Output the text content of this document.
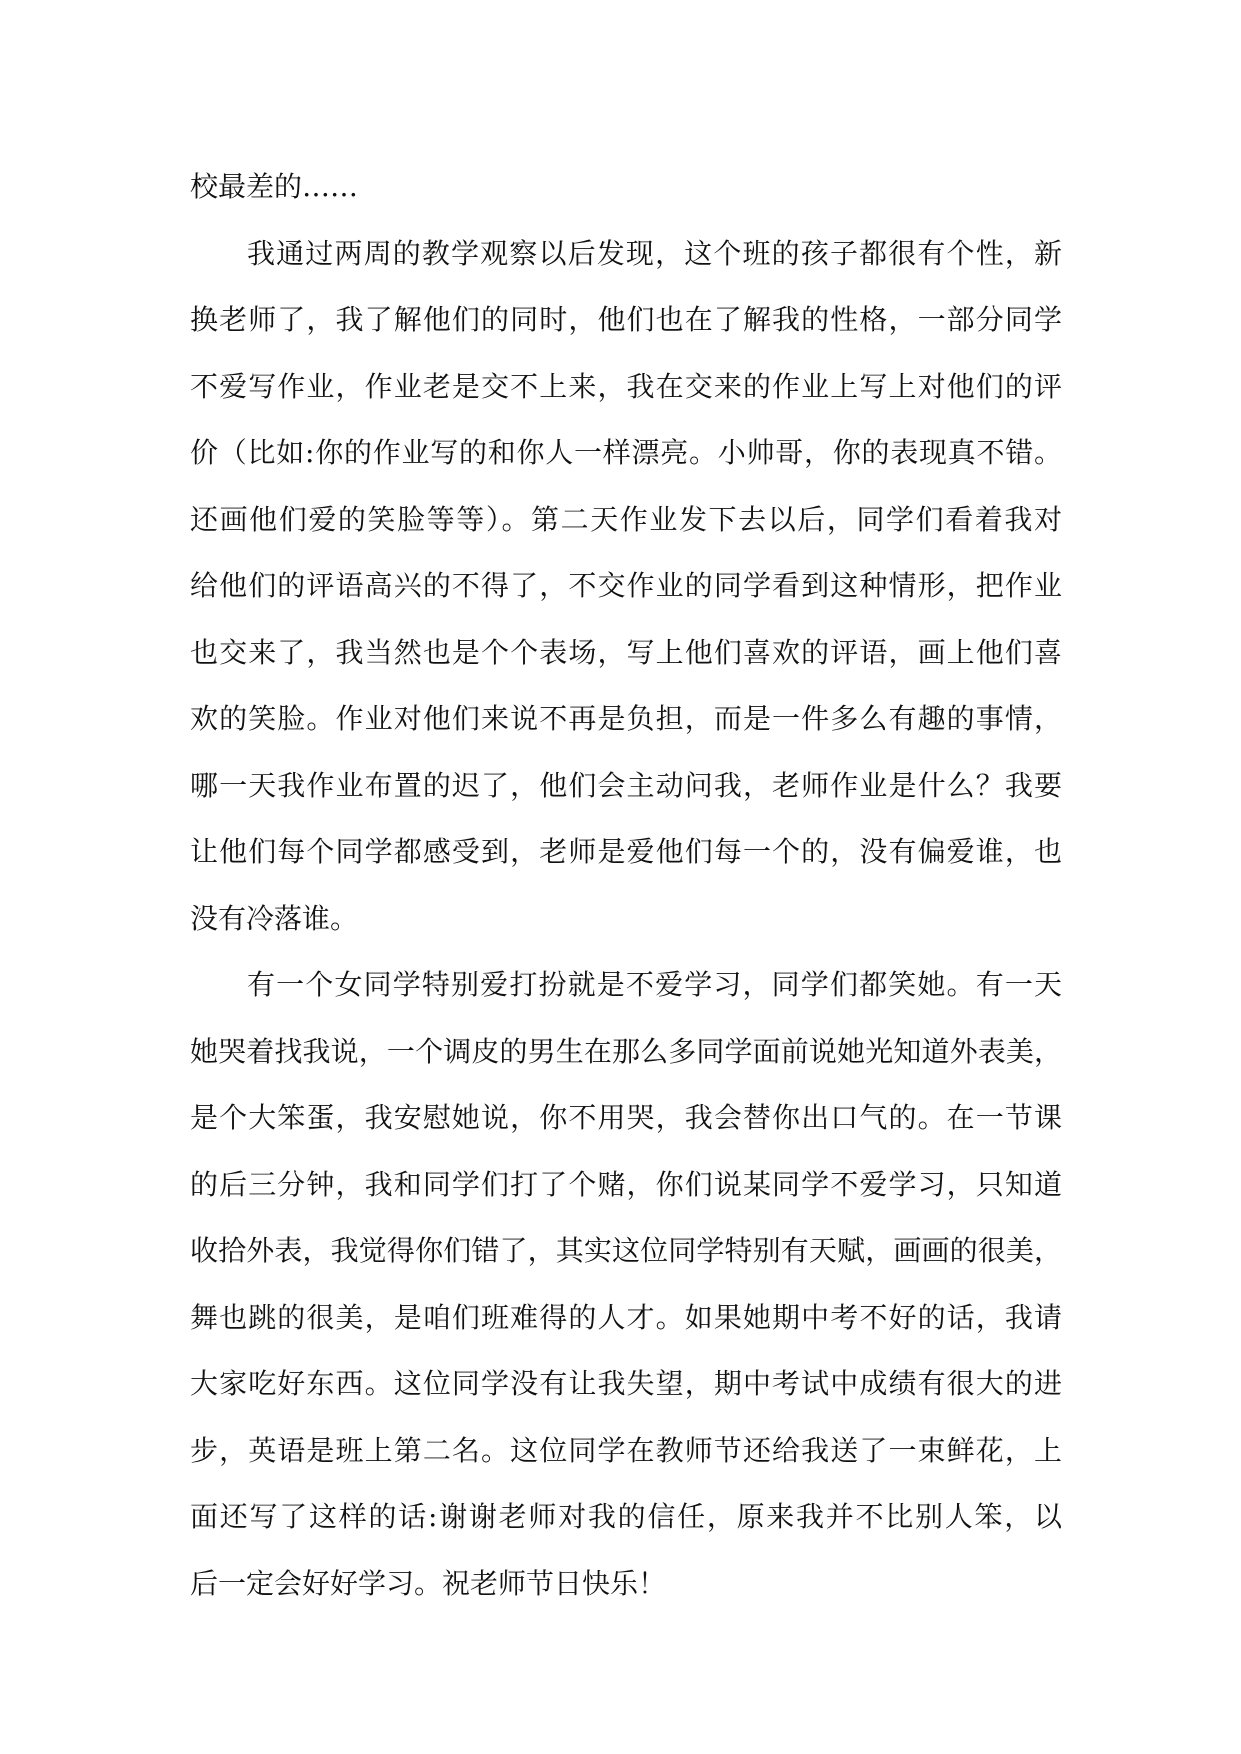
校最差的……
我通过两周的教学观察以后发现，这个班的孩子都很有个性，新
换老师了，我了解他们的同时，他们也在了解我的性格，一部分同学
不爱写作业，作业老是交不上来，我在交来的作业上写上对他们的评
价（比如:你的作业写的和你人一样漂亮。小帅哥，你的表现真不错。
还画他们爱的笑脸等等）。第二天作业发下去以后，同学们看着我对
给他们的评语高兴的不得了，不交作业的同学看到这种情形，把作业
也交来了，我当然也是个个表场，写上他们喜欢的评语，画上他们喜
欢的笑脸。作业对他们来说不再是负担，而是一件多么有趣的事情，
哪一天我作业布置的迟了，他们会主动问我，老师作业是什么？我要
让他们每个同学都感受到，老师是爱他们每一个的，没有偏爱谁，也
没有冷落谁。
有一个女同学特别爱打扮就是不爱学习，同学们都笑她。有一天
她哭着找我说，一个调皮的男生在那么多同学面前说她光知道外表美，
是个大笨蛋，我安慰她说，你不用哭，我会替你出口气的。在一节课
的后三分钟，我和同学们打了个赌，你们说某同学不爱学习，只知道
收拾外表，我觉得你们错了，其实这位同学特别有天赋，画画的很美，
舞也跳的很美，是咱们班难得的人才。如果她期中考不好的话，我请
大家吃好东西。这位同学没有让我失望，期中考试中成绩有很大的进
步，英语是班上第二名。这位同学在教师节还给我送了一束鲜花，上
面还写了这样的话:谢谢老师对我的信任，原来我并不比别人笨，以
后一定会好好学习。祝老师节日快乐！
